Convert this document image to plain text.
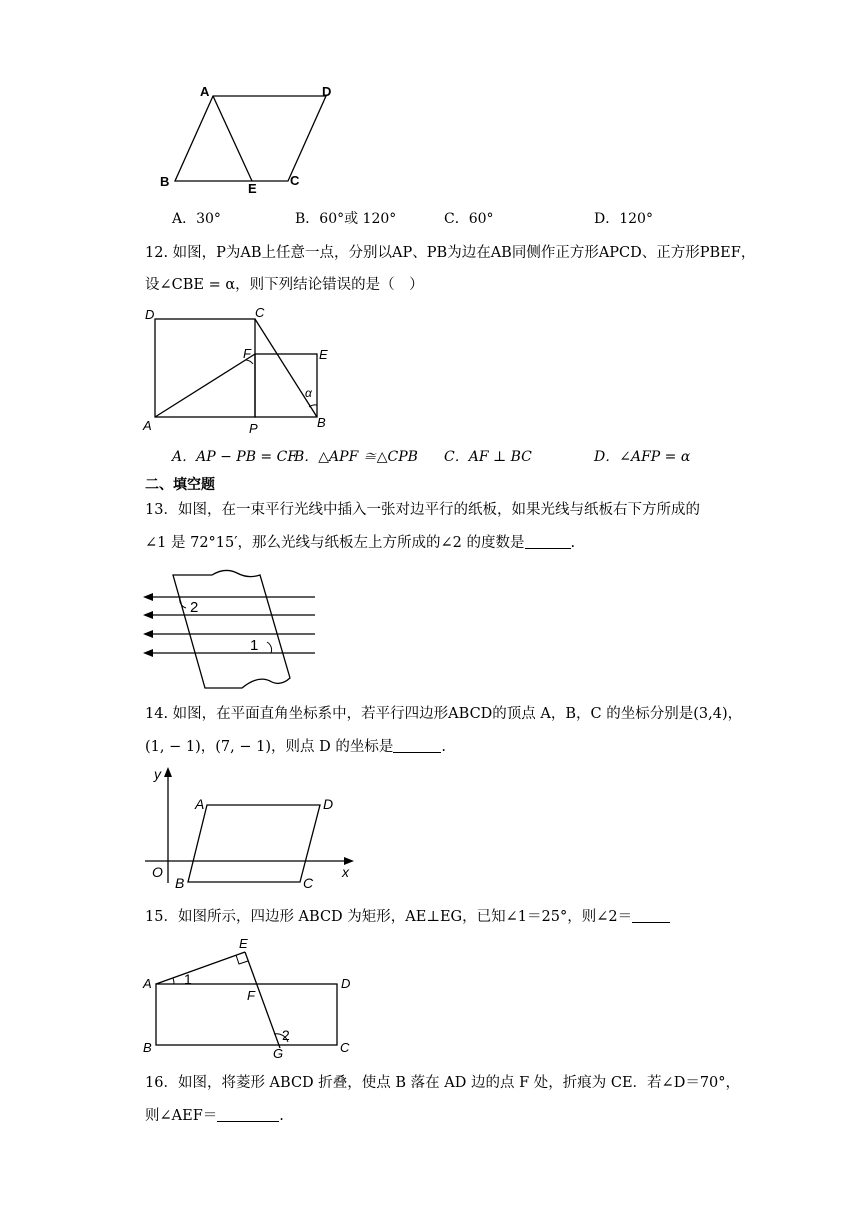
A	D
B	E
C
A．30°	B．60°或 120°	C．60°	D．120°
12. 如图，P为AB上任意一点，分别以AP、PB为边在AB同侧作正方形APCD、正方形PBEF，
设∠CBE = α，则下列结论错误的是（　）
D	C
F	E
α
A	P	B
A．AP − PB = CF
B．△APF ≅△CPB C．AF ⊥ BC	D．∠AFP = α
二、填空题
13．如图，在一束平行光线中插入一张对边平行的纸板，如果光线与纸板右下方所成的
∠1 是 72°15′，那么光线与纸板左上方所成的∠2 的度数是	.
2
1
14. 如图，在平面直角坐标系中，若平行四边形ABCD的顶点 A，B，C 的坐标分别是(3,4)，
(1, − 1)，(7, − 1)，则点 D 的坐标是	.
y
x
O
A	D
B	C
15．如图所示，四边形 ABCD 为矩形，AE⊥EG，已知∠1＝25°，则∠2＝
E
A 1
F
D
B	G
2
C
16．如图，将菱形 ABCD 折叠，使点 B 落在 AD 边的点 F 处，折痕为 CE．若∠D＝70°，
则∠AEF＝	.
